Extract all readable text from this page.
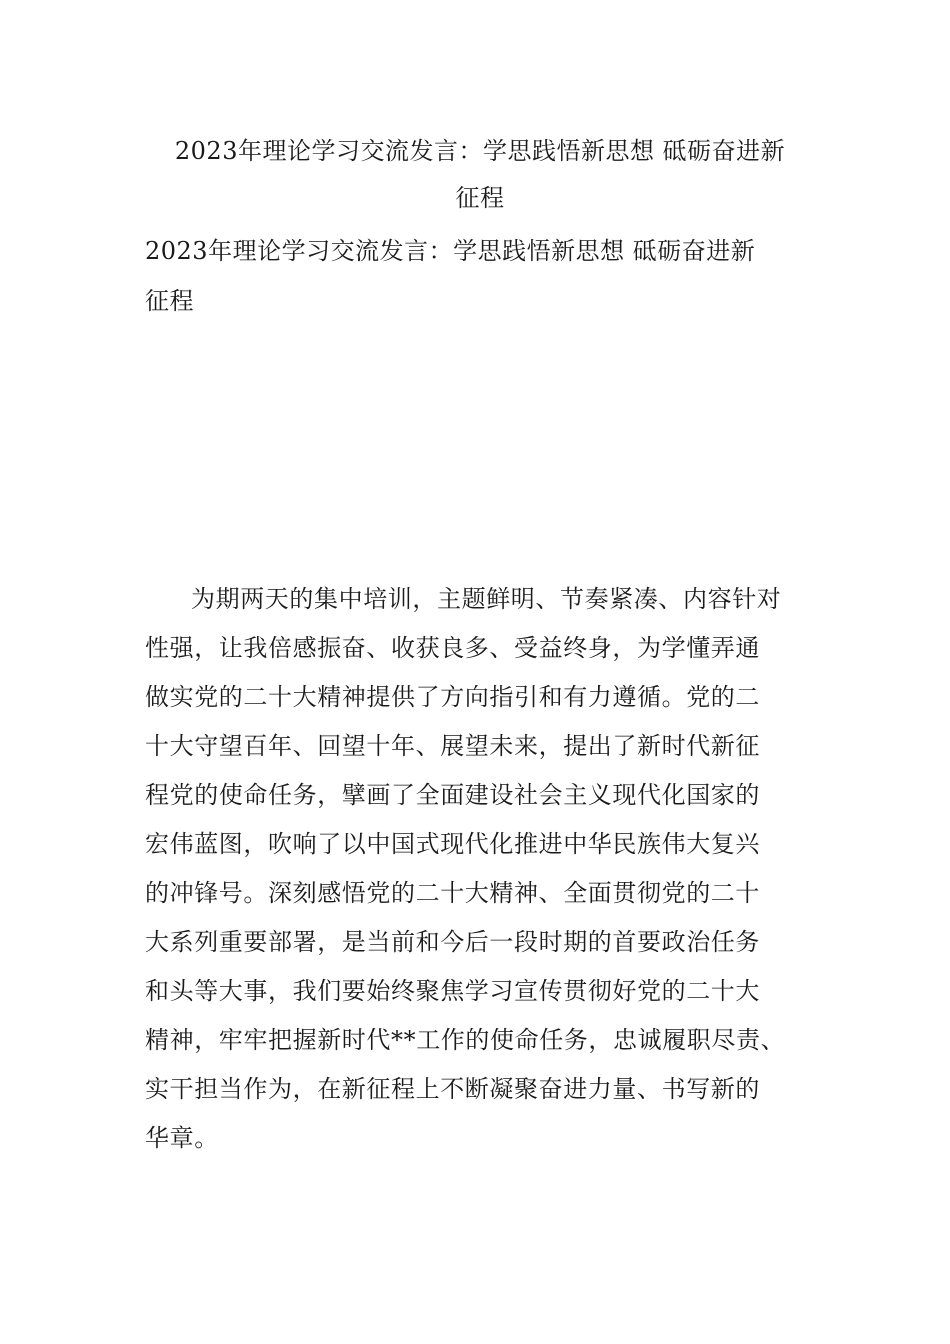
2023年理论学习交流发言：学思践悟新思想 砥砺奋进新
征程
2023年理论学习交流发言：学思践悟新思想 砥砺奋进新
征程
为期两天的集中培训，主题鲜明、节奏紧凑、内容针对
性强，让我倍感振奋、收获良多、受益终身，为学懂弄通
做实党的二十大精神提供了方向指引和有力遵循。党的二
十大守望百年、回望十年、展望未来，提出了新时代新征
程党的使命任务，擘画了全面建设社会主义现代化国家的
宏伟蓝图，吹响了以中国式现代化推进中华民族伟大复兴
的冲锋号。深刻感悟党的二十大精神、全面贯彻党的二十
大系列重要部署，是当前和今后一段时期的首要政治任务
和头等大事，我们要始终聚焦学习宣传贯彻好党的二十大
精神，牢牢把握新时代**工作的使命任务，忠诚履职尽责、
实干担当作为，在新征程上不断凝聚奋进力量、书写新的
华章。
